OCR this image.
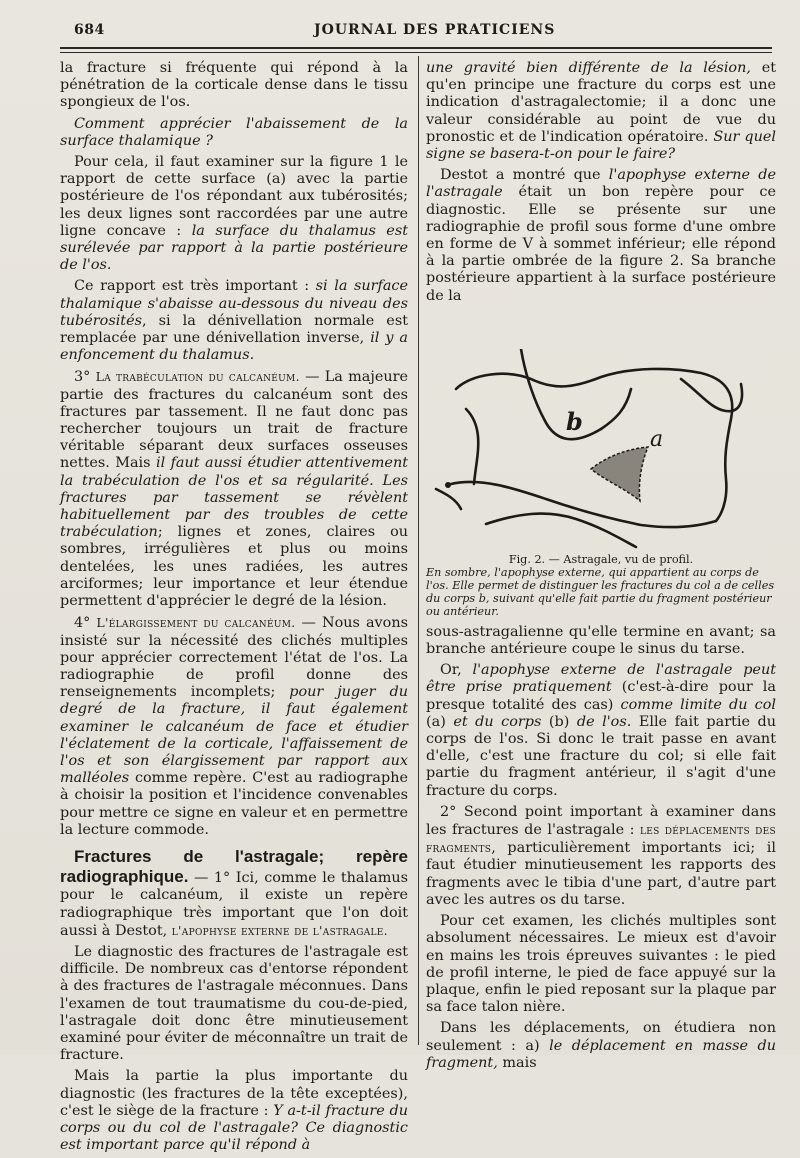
684	JOURNAL DES PRATICIENS

la fracture si fréquente qui répond à la pénétration de la corticale dense dans le tissu spongieux de l'os.

Comment apprécier l'abaissement de la surface thalamique ?

Pour cela, il faut examiner sur la figure 1 le rapport de cette surface (a) avec la partie postérieure de l'os répondant aux tubérosités; les deux lignes sont raccordées par une autre ligne concave : la surface du thalamus est surélevée par rapport à la partie postérieure de l'os.

Ce rapport est très important : si la surface thalamique s'abaisse au-dessous du niveau des tubérosités, si la dénivellation normale est remplacée par une dénivellation inverse, il y a enfoncement du thalamus.

3° La trabéculation du calcanéum. — La majeure partie des fractures du calcanéum sont des fractures par tassement. Il ne faut donc pas rechercher toujours un trait de fracture véritable séparant deux surfaces osseuses nettes. Mais il faut aussi étudier attentivement la trabéculation de l'os et sa régularité. Les fractures par tassement se révèlent habituellement par des troubles de cette trabéculation; lignes et zones, claires ou sombres, irrégulières et plus ou moins dentelées, les unes radiées, les autres arciformes; leur importance et leur étendue permettent d'apprécier le degré de la lésion.

4° L'élargissement du calcanéum. — Nous avons insisté sur la nécessité des clichés multiples pour apprécier correctement l'état de l'os. La radiographie de profil donne des renseignements incomplets; pour juger du degré de la fracture, il faut également examiner le calcanéum de face et étudier l'éclatement de la corticale, l'affaissement de l'os et son élargissement par rapport aux malléoles comme repère. C'est au radiographe à choisir la position et l'incidence convenables pour mettre ce signe en valeur et en permettre la lecture commode.

Fractures de l'astragale; repère radiographique. — 1° Ici, comme le thalamus pour le calcanéum, il existe un repère radiographique très important que l'on doit aussi à Destot, l'apophyse externe de l'astragale.

Le diagnostic des fractures de l'astragale est difficile. De nombreux cas d'entorse répondent à des fractures de l'astragale méconnues. Dans l'examen de tout traumatisme du cou-de-pied, l'astragale doit donc être minutieusement examiné pour éviter de méconnaître un trait de fracture.

Mais la partie la plus importante du diagnostic (les fractures de la tête exceptées), c'est le siège de la fracture : Y a-t-il fracture du corps ou du col de l'astragale? Ce diagnostic est important parce qu'il répond à

une gravité bien différente de la lésion, et qu'en principe une fracture du corps est une indication d'astragalectomie; il a donc une valeur considérable au point de vue du pronostic et de l'indication opératoire. Sur quel signe se basera-t-on pour le faire?

Destot a montré que l'apophyse externe de l'astragale était un bon repère pour ce diagnostic. Elle se présente sur une radiographie de profil sous forme d'une ombre en forme de V à sommet inférieur; elle répond à la partie ombrée de la figure 2. Sa branche postérieure appartient à la surface postérieure de la

b
a
Fig. 2. — Astragale, vu de profil.
En sombre, l'apophyse externe, qui appartient au corps de l'os. Elle permet de distinguer les fractures du col a de celles du corps b, suivant qu'elle fait partie du fragment postérieur ou antérieur.

sous-astragalienne qu'elle termine en avant; sa branche antérieure coupe le sinus du tarse.

Or, l'apophyse externe de l'astragale peut être prise pratiquement (c'est-à-dire pour la presque totalité des cas) comme limite du col (a) et du corps (b) de l'os. Elle fait partie du corps de l'os. Si donc le trait passe en avant d'elle, c'est une fracture du col; si elle fait partie du fragment antérieur, il s'agit d'une fracture du corps.

2° Second point important à examiner dans les fractures de l'astragale : les déplacements des fragments, particulièrement importants ici; il faut étudier minutieusement les rapports des fragments avec le tibia d'une part, d'autre part avec les autres os du tarse.

Pour cet examen, les clichés multiples sont absolument nécessaires. Le mieux est d'avoir en mains les trois épreuves suivantes : le pied de profil interne, le pied de face appuyé sur la plaque, enfin le pied reposant sur la plaque par sa face talon nière.

Dans les déplacements, on étudiera non seulement : a) le déplacement en masse du fragment, mais
